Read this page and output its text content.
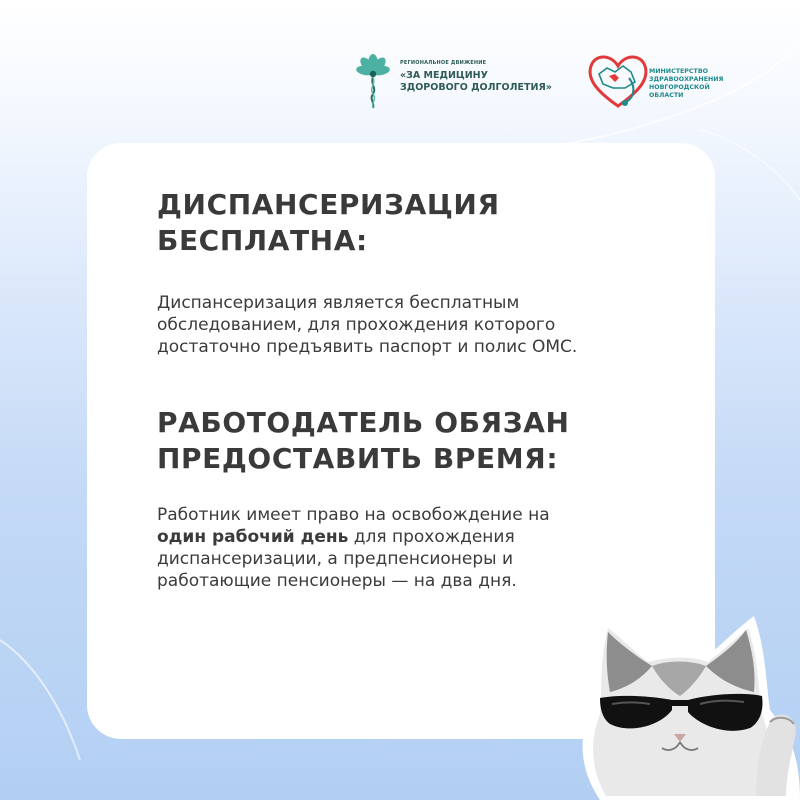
РЕГИОНАЛЬНОЕ ДВИЖЕНИЕ
«ЗА МЕДИЦИНУ
ЗДОРОВОГО ДОЛГОЛЕТИЯ»
МИНИСТЕРСТВО
ЗДРАВООХРАНЕНИЯ
НОВГОРОДСКОЙ
ОБЛАСТИ
ДИСПАНСЕРИЗАЦИЯ
БЕСПЛАТНА:
Диспансеризация является бесплатным
обследованием, для прохождения которого
достаточно предъявить паспорт и полис ОМС.
РАБОТОДАТЕЛЬ ОБЯЗАН
ПРЕДОСТАВИТЬ ВРЕМЯ:
Работник имеет право на освобождение на
один рабочий день для прохождения
диспансеризации, а предпенсионеры и
работающие пенсионеры — на два дня.
